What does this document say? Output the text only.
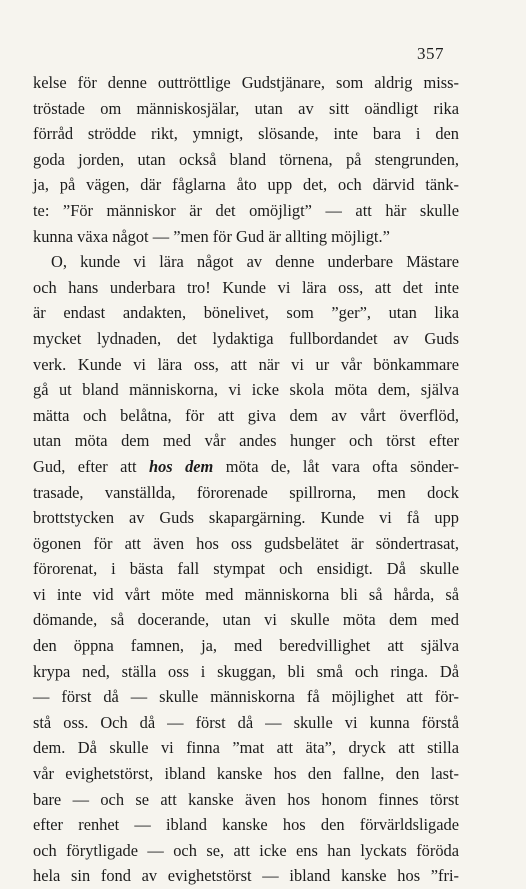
357
kelse för denne outtröttlige Gudstjänare, som aldrig miss-
tröstade om människosjälar, utan av sitt oändligt rika
förråd strödde rikt, ymnigt, slösande, inte bara i den
goda jorden, utan också bland törnena, på stengrunden,
ja, på vägen, där fåglarna åto upp det, och därvid tänk-
te: ”För människor är det omöjligt” — att här skulle
kunna växa något — ”men för Gud är allting möjligt.”
O, kunde vi lära något av denne underbare Mästare
och hans underbara tro! Kunde vi lära oss, att det inte
är endast andakten, bönelivet, som ”ger”, utan lika
mycket lydnaden, det lydaktiga fullbordandet av Guds
verk. Kunde vi lära oss, att när vi ur vår bönkammare
gå ut bland människorna, vi icke skola möta dem, själva
mätta och belåtna, för att giva dem av vårt överflöd,
utan möta dem med vår andes hunger och törst efter
Gud, efter att hos dem möta de, låt vara ofta sönder-
trasade, vanställda, förorenade spillrorna, men dock
brottstycken av Guds skapargärning. Kunde vi få upp
ögonen för att även hos oss gudsbelätet är söndertrasat,
förorenat, i bästa fall stympat och ensidigt. Då skulle
vi inte vid vårt möte med människorna bli så hårda, så
dömande, så docerande, utan vi skulle möta dem med
den öppna famnen, ja, med beredvillighet att själva
krypa ned, ställa oss i skuggan, bli små och ringa. Då
— först då — skulle människorna få möjlighet att för-
stå oss. Och då — först då — skulle vi kunna förstå
dem. Då skulle vi finna ”mat att äta”, dryck att stilla
vår evighetstörst, ibland kanske hos den fallne, den last-
bare — och se att kanske även hos honom finnes törst
efter renhet — ibland kanske hos den förvärldsligade
och förytligade — och se, att icke ens han lyckats föröda
hela sin fond av evighetstörst — ibland kanske hos ”fri-
